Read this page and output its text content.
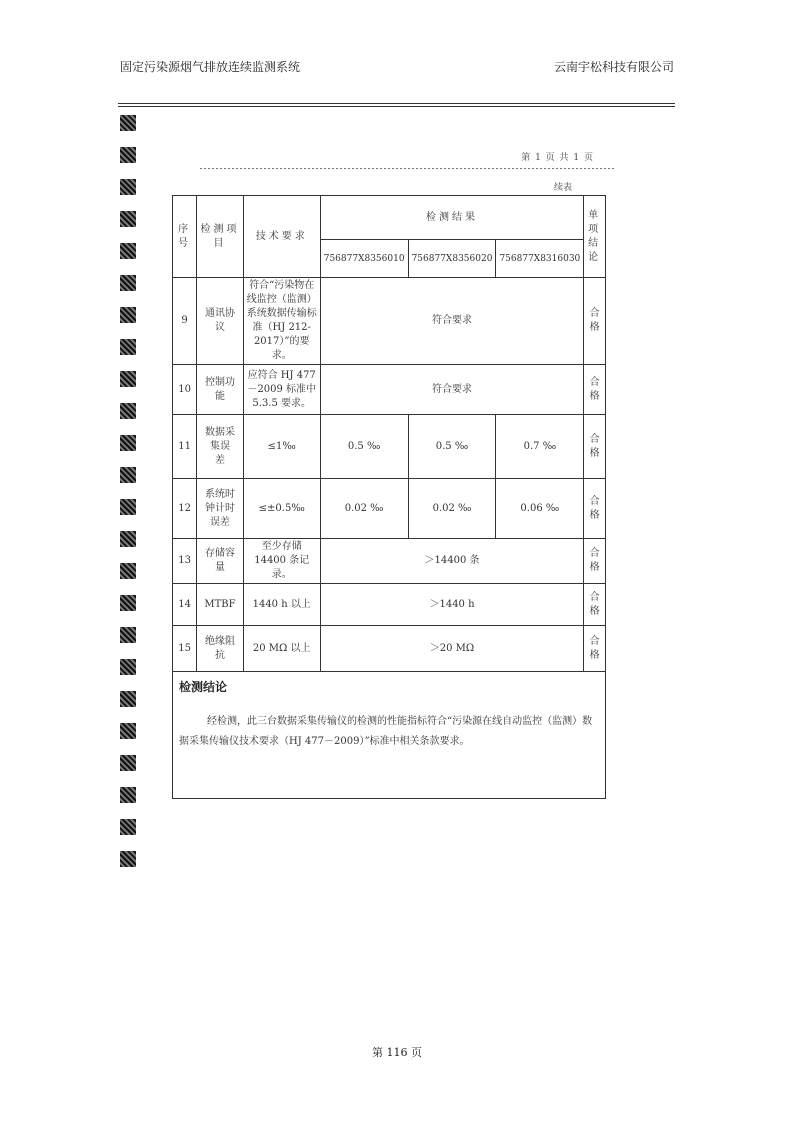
固定污染源烟气排放连续监测系统	云南宇松科技有限公司
第 1 页 共 1 页
续表
序号	检测项目	技术要求	检测结果			单项结论
			756877X8356010	756877X8356020	756877X8316030	
9	通讯协议	符合“污染物在线监控（监测）系统数据传输标准（HJ 212-2017）”的要求。	符合要求			合格
10	控制功能	应符合 HJ 477－2009 标准中 5.3.5 要求。	符合要求			合格
11	数据采集误　差	≤1‰	0.5 ‰	0.5 ‰	0.7 ‰	合格
12	系统时钟计时误差	≤±0.5‰	0.02 ‰	0.02 ‰	0.06 ‰	合格
13	存储容量	至少存储 14400 条记录。	＞14400 条			合格
14	MTBF	1440 h 以上	＞1440 h			合格
15	绝缘阻抗	20 MΩ 以上	＞20 MΩ			合格
检测结论
经检测，此三台数据采集传输仪的检测的性能指标符合“污染源在线自动监控（监测）数据采集传输仪技术要求（HJ 477－2009）”标准中相关条款要求。
第 116 页
